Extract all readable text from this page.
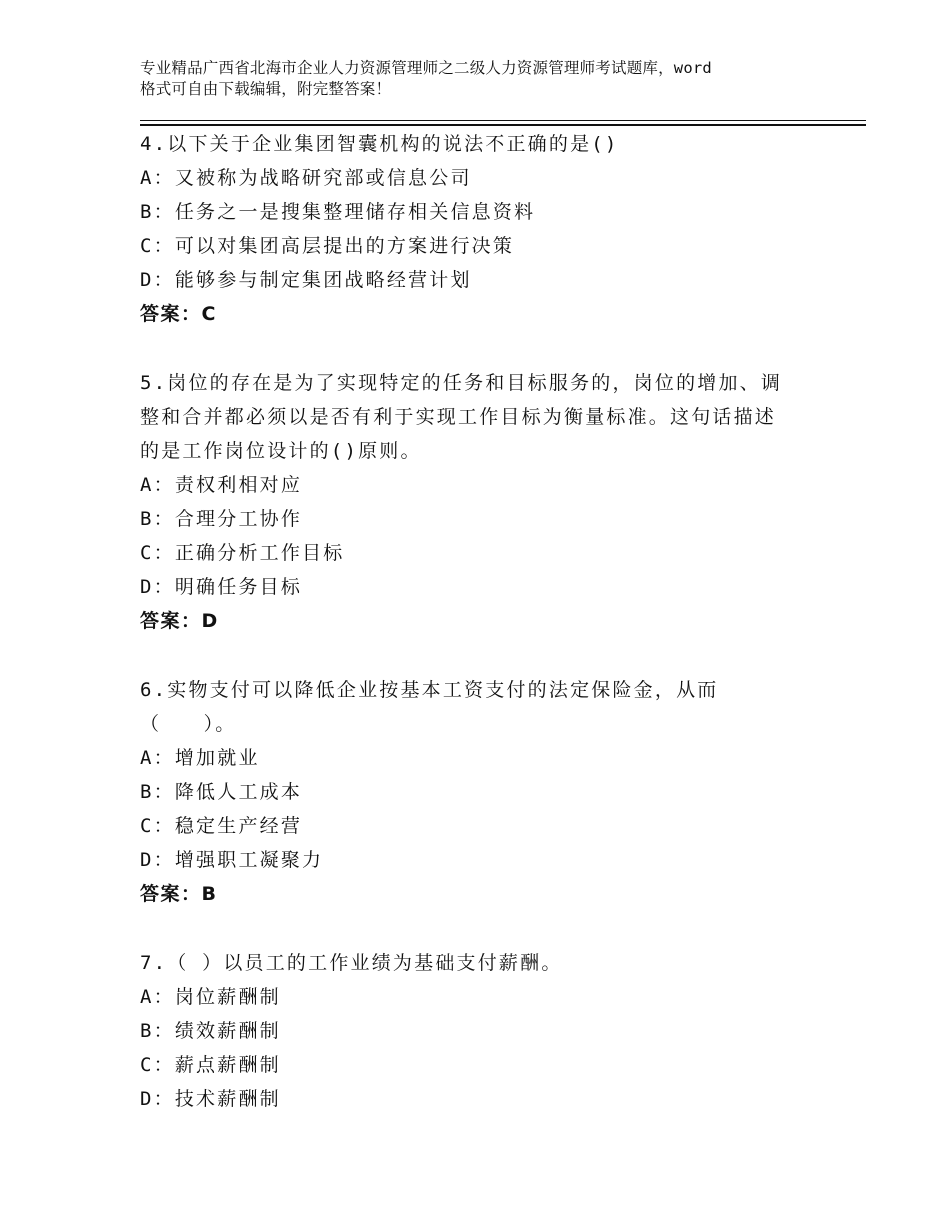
专业精品广西省北海市企业人力资源管理师之二级人力资源管理师考试题库，word
格式可自由下载编辑，附完整答案！
4.以下关于企业集团智囊机构的说法不正确的是()
A：又被称为战略研究部或信息公司
B：任务之一是搜集整理储存相关信息资料
C：可以对集团高层提出的方案进行决策
D：能够参与制定集团战略经营计划
答案：C
5.岗位的存在是为了实现特定的任务和目标服务的，岗位的增加、调
整和合并都必须以是否有利于实现工作目标为衡量标准。这句话描述
的是工作岗位设计的()原则。
A：责权利相对应
B：合理分工协作
C：正确分析工作目标
D：明确任务目标
答案：D
6.实物支付可以降低企业按基本工资支付的法定保险金，从而
（　　）。
A：增加就业
B：降低人工成本
C：稳定生产经营
D：增强职工凝聚力
答案：B
7.（ ）以员工的工作业绩为基础支付薪酬。
A：岗位薪酬制
B：绩效薪酬制
C：薪点薪酬制
D：技术薪酬制
